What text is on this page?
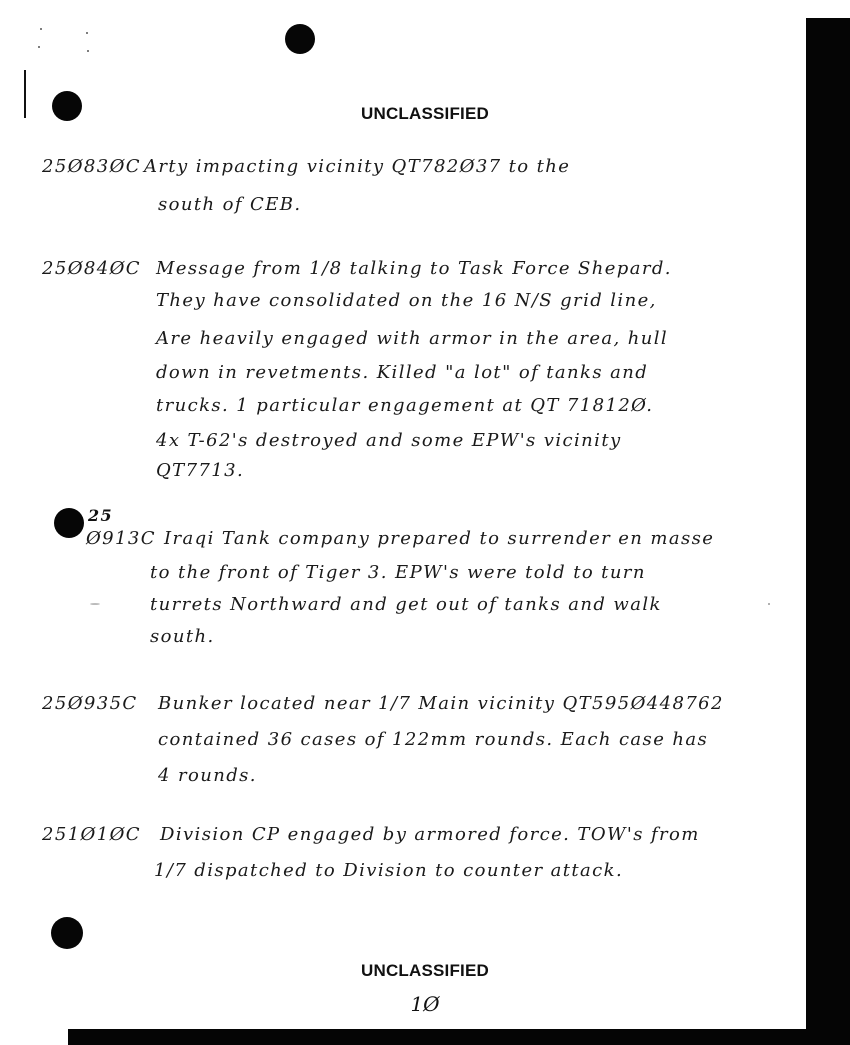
UNCLASSIFIED
25Ø83ØC Arty impacting vicinity QT782Ø37 to the
south of CEB.
25Ø84ØC Message from 1/8 talking to Task Force Shepard.
They have consolidated on the 16 N/S grid line,
Are heavily engaged with armor in the area, hull
down in revetments. Killed "a lot" of tanks and
trucks. 1 particular engagement at QT 71812Ø.
4x T-62's destroyed and some EPW's vicinity
QT7713.
25
Ø913C Iraqi Tank company prepared to surrender en masse
to the front of Tiger 3. EPW's were told to turn
turrets Northward and get out of tanks and walk
south.
25Ø935C Bunker located near 1/7 Main vicinity QT595Ø448762
contained 36 cases of 122mm rounds. Each case has
4 rounds.
251Ø1ØC Division CP engaged by armored force. TOW's from
1/7 dispatched to Division to counter attack.
UNCLASSIFIED
1Ø
